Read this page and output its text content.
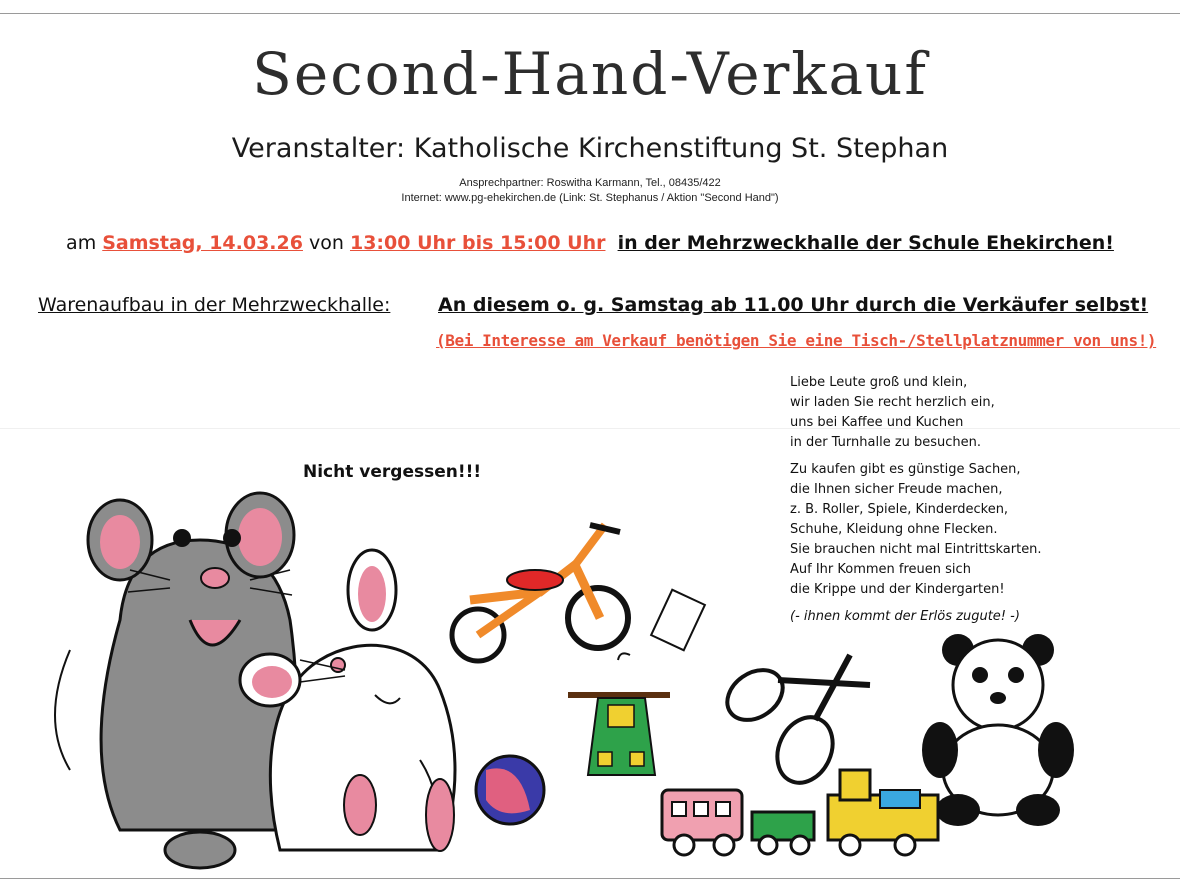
Second-Hand-Verkauf
Veranstalter: Katholische Kirchenstiftung St. Stephan
Ansprechpartner: Roswitha Karmann, Tel., 08435/422
Internet: www.pg-ehekirchen.de (Link: St. Stephanus / Aktion "Second Hand")
am Samstag, 14.03.26 von 13:00 Uhr bis 15:00 Uhr in der Mehrzweckhalle der Schule Ehekirchen!
Warenaufbau in der Mehrzweckhalle:	An diesem o. g. Samstag ab 11.00 Uhr durch die Verkäufer selbst!
(Bei Interesse am Verkauf benötigen Sie eine Tisch-/Stellplatznummer von uns!)
Liebe Leute groß und klein,
wir laden Sie recht herzlich ein,
uns bei Kaffee und Kuchen
in der Turnhalle zu besuchen.
Zu kaufen gibt es günstige Sachen,
die Ihnen sicher Freude machen,
z. B. Roller, Spiele, Kinderdecken,
Schuhe, Kleidung ohne Flecken.
Sie brauchen nicht mal Eintrittskarten.
Auf Ihr Kommen freuen sich
die Krippe und der Kindergarten!
(- ihnen kommt der Erlös zugute! -)
Nicht vergessen!!!
